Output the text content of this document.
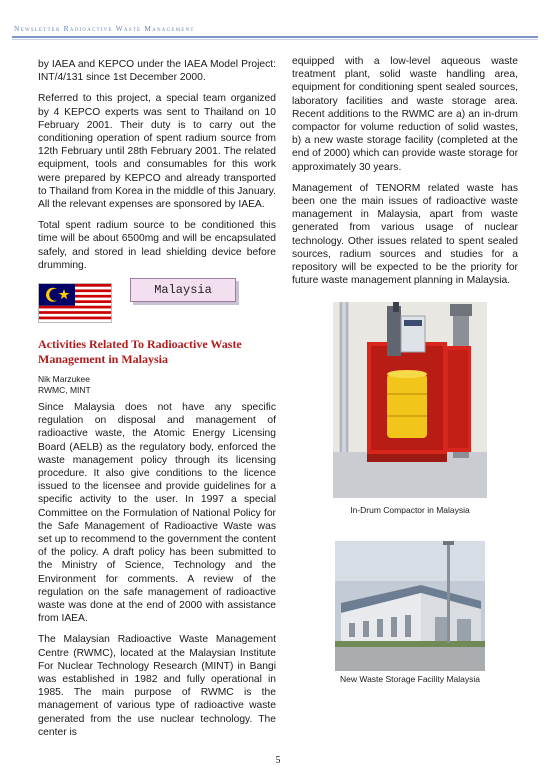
Newsletter Radioactive Waste Management

by IAEA and KEPCO under the IAEA Model Project: INT/4/131 since 1st December 2000.

Referred to this project, a special team organized by 4 KEPCO experts was sent to Thailand on 10 February 2001. Their duty is to carry out the conditioning operation of spent radium source from 12th February until 28th February 2001. The related equipment, tools and consumables for this work were prepared by KEPCO and already transported to Thailand from Korea in the middle of this January. All the relevant expenses are sponsored by IAEA.

Total spent radium source to be conditioned this time will be about 6500mg and will be encapsulated safely, and stored in lead shielding device before drumming.

Malaysia
Activities Related To Radioactive Waste Management in Malaysia
Nik Marzukee
RWMC, MINT

Since Malaysia does not have any specific regulation on disposal and management of radioactive waste, the Atomic Energy Licensing Board (AELB) as the regulatory body, enforced the waste management policy through its licensing procedure. It also give conditions to the licence issued to the licensee and provide guidelines for a specific activity to the user. In 1997 a special Committee on the Formulation of National Policy for the Safe Management of Radioactive Waste was set up to recommend to the government the content of the policy. A draft policy has been submitted to the Ministry of Science, Technology and the Environment for comments. A review of the regulation on the safe management of radioactive waste was done at the end of 2000 with assistance from IAEA.

The Malaysian Radioactive Waste Management Centre (RWMC), located at the Malaysian Institute For Nuclear Technology Research (MINT) in Bangi was established in 1982 and fully operational in 1985. The main purpose of RWMC is the management of various type of radioactive waste generated from the use nuclear technology. The center is

equipped with a low-level aqueous waste treatment plant, solid waste handling area, equipment for conditioning spent sealed sources, laboratory facilities and waste storage area. Recent additions to the RWMC are a) an in-drum compactor for volume reduction of solid wastes, b) a new waste storage facility (completed at the end of 2000) which can provide waste storage for approximately 30 years.

Management of TENORM related waste has been one the main issues of radioactive waste management in Malaysia, apart from waste generated from various usage of nuclear technology. Other issues related to spent sealed sources, radium sources and studies for a repository will be expected to be the priority for future waste management planning in Malaysia.

In-Drum Compactor in Malaysia
New Waste Storage Facility Malaysia
5
